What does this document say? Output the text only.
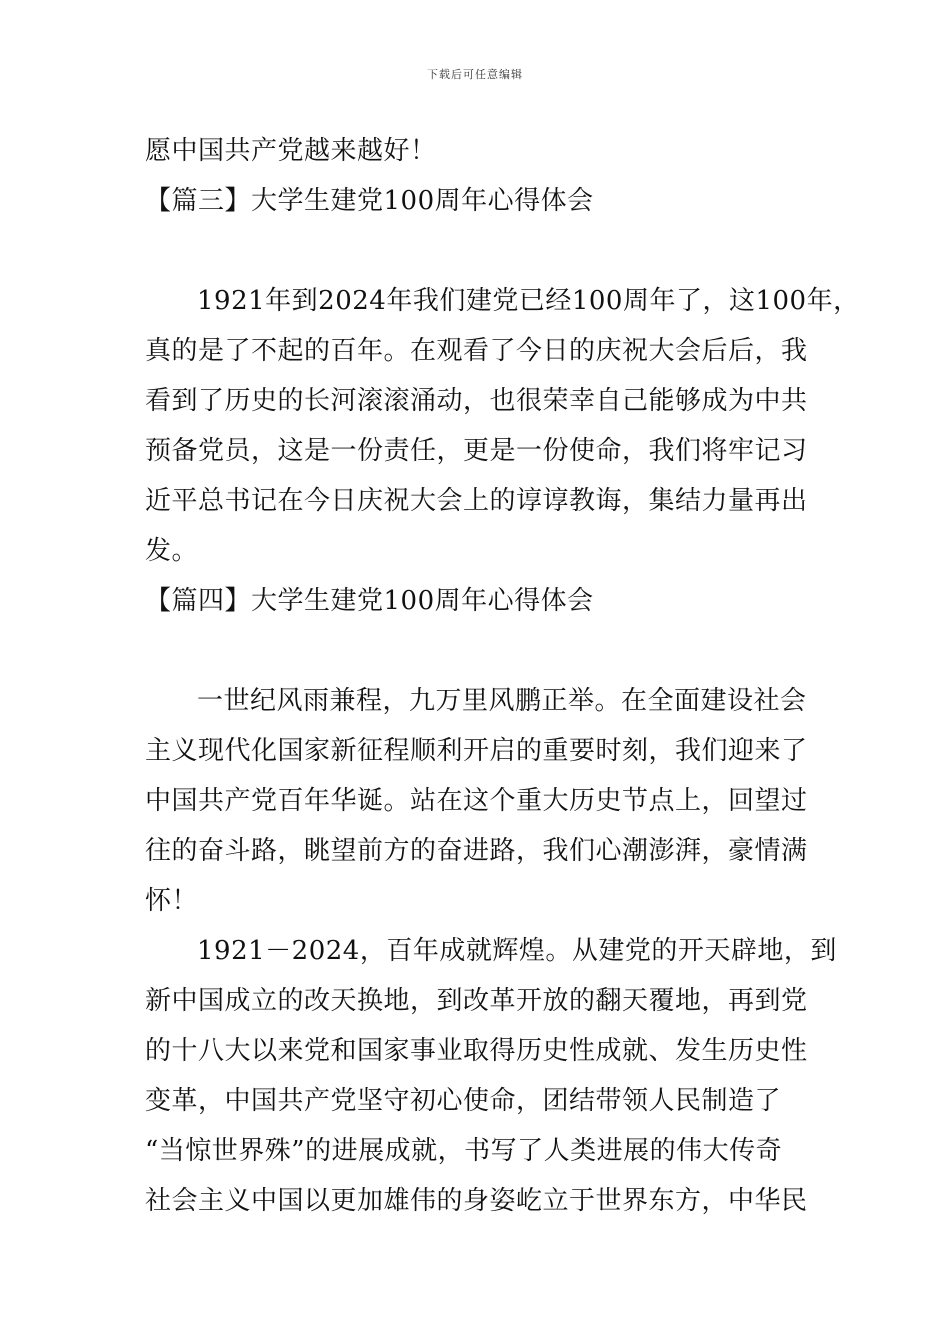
下载后可任意编辑
愿中国共产党越来越好！
【篇三】大学生建党100周年心得体会
1921年到2024年我们建党已经100周年了，这100年，
真的是了不起的百年。在观看了今日的庆祝大会后后，我
看到了历史的长河滚滚涌动，也很荣幸自己能够成为中共
预备党员，这是一份责任，更是一份使命，我们将牢记习
近平总书记在今日庆祝大会上的谆谆教诲，集结力量再出
发。
【篇四】大学生建党100周年心得体会
一世纪风雨兼程，九万里风鹏正举。在全面建设社会
主义现代化国家新征程顺利开启的重要时刻，我们迎来了
中国共产党百年华诞。站在这个重大历史节点上，回望过
往的奋斗路，眺望前方的奋进路，我们心潮澎湃，豪情满
怀！
1921－2024，百年成就辉煌。从建党的开天辟地，到
新中国成立的改天换地，到改革开放的翻天覆地，再到党
的十八大以来党和国家事业取得历史性成就、发生历史性
变革，中国共产党坚守初心使命，团结带领人民制造了
“当惊世界殊”的进展成就，书写了人类进展的伟大传奇
社会主义中国以更加雄伟的身姿屹立于世界东方，中华民
